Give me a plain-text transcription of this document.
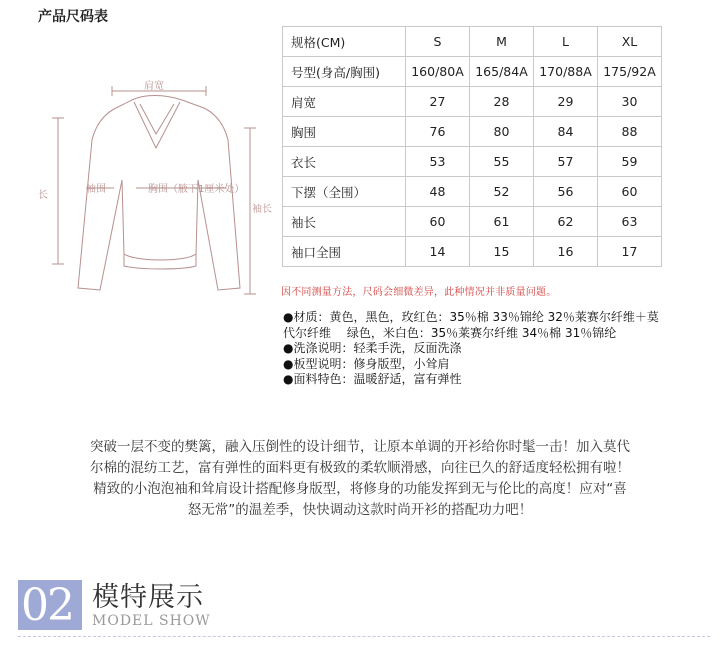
产品尺码表
肩宽
长
袖围	胸围（腋下1厘米处）
袖长
规格(CM)	S	M	L	XL
号型(身高/胸围)	160/80A	165/84A	170/88A	175/92A
肩宽	27	28	29	30
胸围	76	80	84	88
衣长	53	55	57	59
下摆（全围）	48	52	56	60
袖长	60	61	62	63
袖口全围	14	15	16	17
因不同测量方法，尺码会细微差异，此种情况并非质量问题。
●材质：黄色，黑色，玫红色：35％棉 33％锦纶 32％莱赛尔纤维＋莫代尔纤维　 绿色，米白色：35％莱赛尔纤维 34％棉 31％锦纶
●洗涤说明：轻柔手洗，反面洗涤
●板型说明：修身版型，小耸肩
●面料特色：温暖舒适，富有弹性
突破一层不变的樊篱，融入压倒性的设计细节，让原本单调的开衫给你时髦一击！加入莫代
尔棉的混纺工艺，富有弹性的面料更有极致的柔软顺滑感，向往已久的舒适度轻松拥有啦！
精致的小泡泡袖和耸肩设计搭配修身版型，将修身的功能发挥到无与伦比的高度！应对“喜
怒无常”的温差季，快快调动这款时尚开衫的搭配功力吧！
02 模特展示
MODEL SHOW
